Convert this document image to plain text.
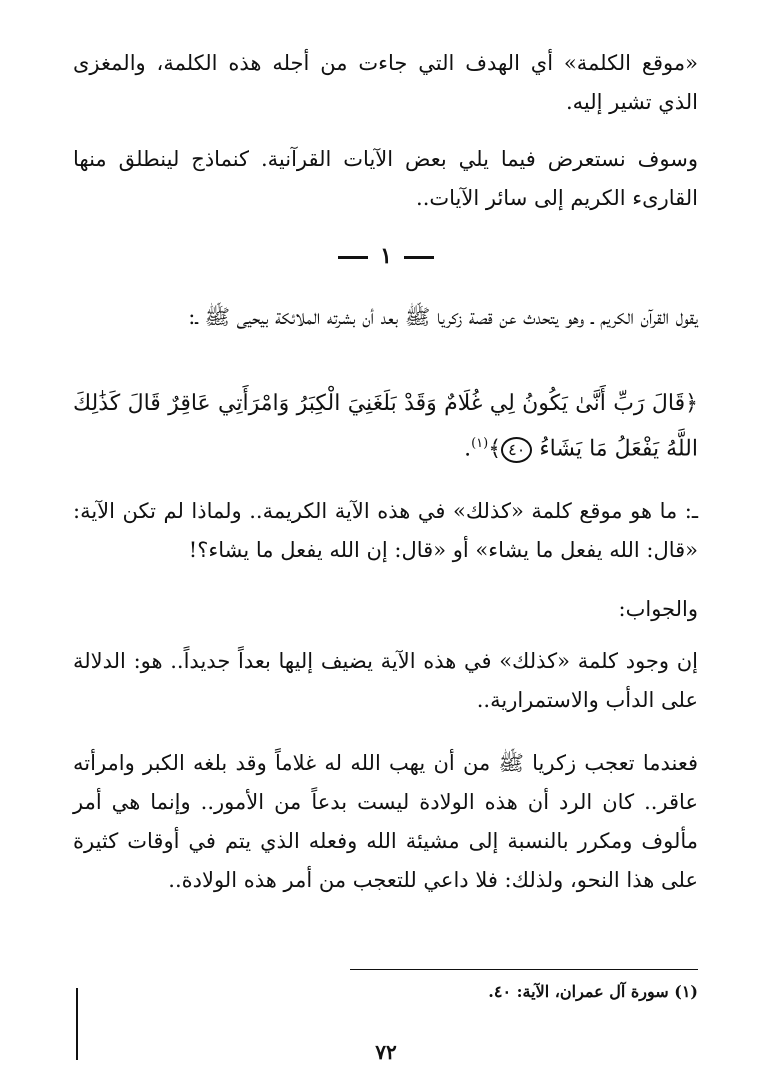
«موقع الكلمة» أي الهدف التي جاءت من أجله هذه الكلمة، والمغزى الذي تشير إليه.

وسوف نستعرض فيما يلي بعض الآيات القرآنية. كنماذج لينطلق منها القارىء الكريم إلى سائر الآيات..

١

يقول القرآن الكريم ـ وهو يتحدث عن قصة زكريا ﷺ بعد أن بشرته الملائكة بيحيى ﷺ ـ:

﴿قَالَ رَبِّ أَنَّىٰ يَكُونُ لِي غُلَامٌ وَقَدْ بَلَغَنِيَ الْكِبَرُ وَامْرَأَتِي عَاقِرٌ قَالَ كَذَٰلِكَ اللَّهُ يَفْعَلُ مَا يَشَاءُ ٤٠﴾$^{(١)}$.

ـ: ما هو موقع كلمة «كذلك» في هذه الآية الكريمة.. ولماذا لم تكن الآية: «قال: الله يفعل ما يشاء» أو «قال: إن الله يفعل ما يشاء؟!

والجواب:

إن وجود كلمة «كذلك» في هذه الآية يضيف إليها بعداً جديداً.. هو: الدلالة على الدأب والاستمرارية..

فعندما تعجب زكريا ﷺ من أن يهب الله له غلاماً وقد بلغه الكبر وامرأته عاقر.. كان الرد أن هذه الولادة ليست بدعاً من الأمور.. وإنما هي أمر مألوف ومكرر بالنسبة إلى مشيئة الله وفعله الذي يتم في أوقات كثيرة على هذا النحو، ولذلك: فلا داعي للتعجب من أمر هذه الولادة..

(١) سورة آل عمران، الآية: ٤٠.
٧٢
